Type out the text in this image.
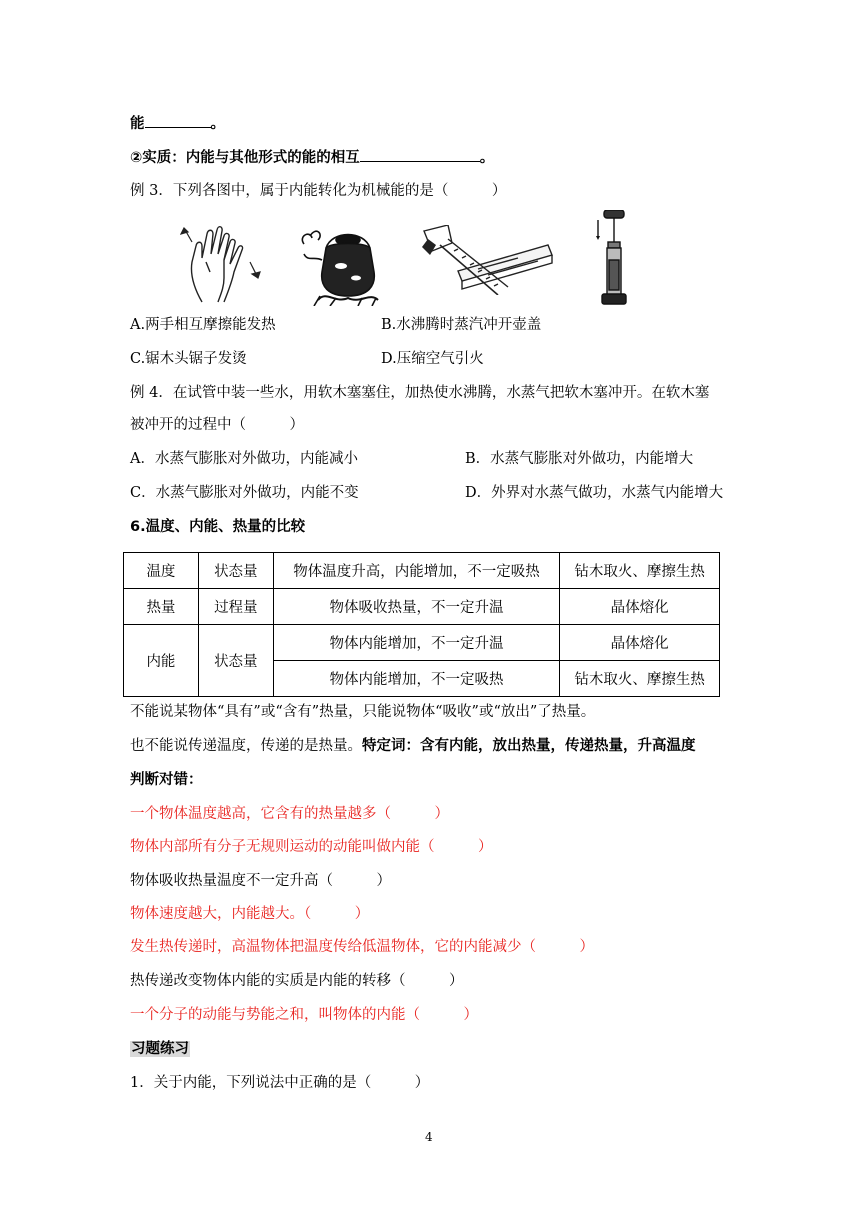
能	。
②实质：内能与其他形式的能的相互	。
例 3．下列各图中，属于内能转化为机械能的是（　　　）
A.两手相互摩擦能发热	B.水沸腾时蒸汽冲开壶盖
C.锯木头锯子发烫	D.压缩空气引火
例 4．在试管中装一些水，用软木塞塞住，加热使水沸腾，水蒸气把软木塞冲开。在软木塞
被冲开的过程中（　　　）
A．水蒸气膨胀对外做功，内能减小	B．水蒸气膨胀对外做功，内能增大
C．水蒸气膨胀对外做功，内能不变	D．外界对水蒸气做功，水蒸气内能增大
6.温度、内能、热量的比较
温度	状态量	物体温度升高，内能增加，不一定吸热	钻木取火、摩擦生热
热量	过程量	物体吸收热量，不一定升温	晶体熔化
内能	状态量	物体内能增加，不一定升温	晶体熔化
		物体内能增加，不一定吸热	钻木取火、摩擦生热
不能说某物体“具有”或“含有”热量，只能说物体“吸收”或“放出”了热量。
也不能说传递温度，传递的是热量。特定词：含有内能，放出热量，传递热量，升高温度
判断对错：
一个物体温度越高，它含有的热量越多（　　　）
物体内部所有分子无规则运动的动能叫做内能（　　　）
物体吸收热量温度不一定升高（　　　）
物体速度越大，内能越大。（　　　）
发生热传递时，高温物体把温度传给低温物体，它的内能减少（　　　）
热传递改变物体内能的实质是内能的转移（　　　）
一个分子的动能与势能之和，叫物体的内能（　　　）
习题练习
1．关于内能，下列说法中正确的是（　　　）
4
